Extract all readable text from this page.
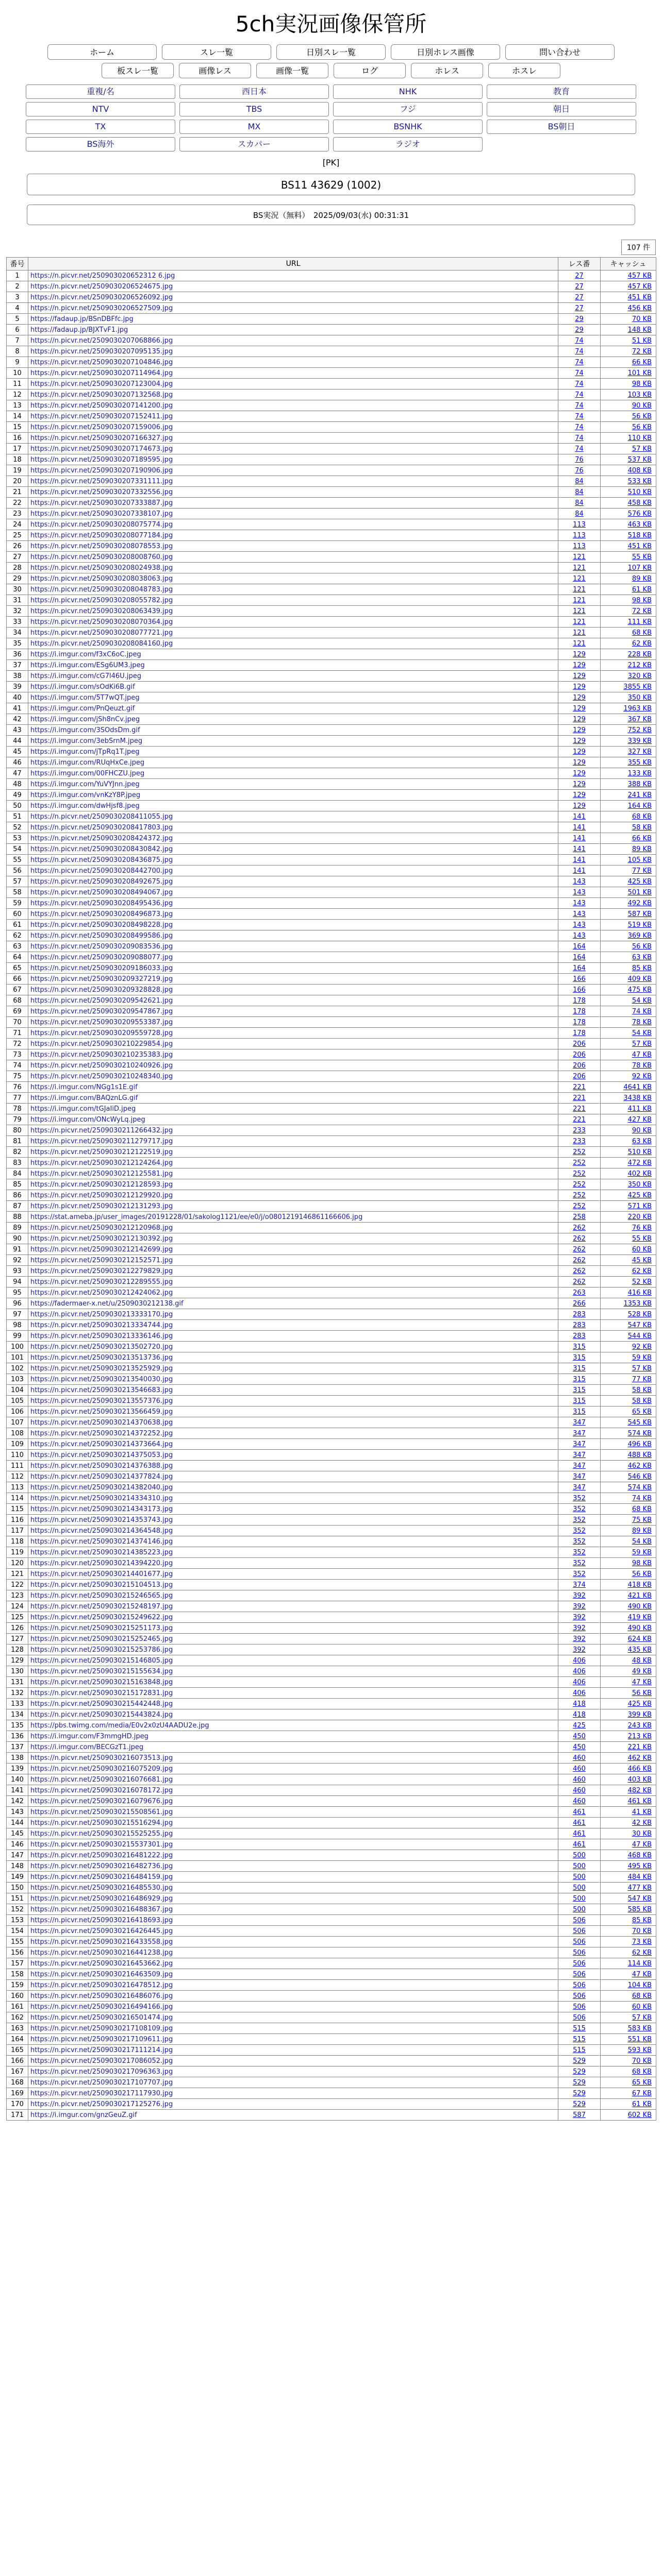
5ch実況画像保管所
ホーム	スレ一覧	日別スレ一覧	日別ホレス画像	問い合わせ
板スレ一覧	画像レス	画像一覧	ログ	ホレス	ホスレ
重複/名	西日本	NHK	教育
NTV	TBS	フジ	朝日
TX	MX	BSNHK	BS朝日
BS海外	スカパー	ラジオ
[PK]
BS11 43629 (1002)
BS実況（無料）　2025/09/03(水) 00:31:31
107 件
番号	URL	レス番	キャッシュ
1	https://n.picvr.net/250903020652312 6.jpg	27	457 KB
2	https://n.picvr.net/2509030206524675.jpg	27	457 KB
3	https://n.picvr.net/2509030206526092.jpg	27	451 KB
4	https://n.picvr.net/2509030206527509.jpg	27	456 KB
5	https://fadaup.jp/BSnDBFfc.jpg	29	70 KB
6	https://fadaup.jp/BJXTvF1.jpg	29	148 KB
7	https://n.picvr.net/2509030207068866.jpg	74	51 KB
8	https://n.picvr.net/2509030207095135.jpg	74	72 KB
9	https://n.picvr.net/2509030207104846.jpg	74	66 KB
10	https://n.picvr.net/2509030207114964.jpg	74	101 KB
11	https://n.picvr.net/2509030207123004.jpg	74	98 KB
12	https://n.picvr.net/2509030207132568.jpg	74	103 KB
13	https://n.picvr.net/2509030207141200.jpg	74	90 KB
14	https://n.picvr.net/2509030207152411.jpg	74	56 KB
15	https://n.picvr.net/2509030207159006.jpg	74	56 KB
16	https://n.picvr.net/2509030207166327.jpg	74	110 KB
17	https://n.picvr.net/2509030207174673.jpg	74	57 KB
18	https://n.picvr.net/2509030207189595.jpg	76	537 KB
19	https://n.picvr.net/2509030207190906.jpg	76	408 KB
20	https://n.picvr.net/2509030207331111.jpg	84	533 KB
21	https://n.picvr.net/2509030207332556.jpg	84	510 KB
22	https://n.picvr.net/2509030207333887.jpg	84	458 KB
23	https://n.picvr.net/2509030207338107.jpg	84	576 KB
24	https://n.picvr.net/2509030208075774.jpg	113	463 KB
25	https://n.picvr.net/2509030208077184.jpg	113	518 KB
26	https://n.picvr.net/2509030208078553.jpg	113	451 KB
27	https://n.picvr.net/2509030208008760.jpg	121	55 KB
28	https://n.picvr.net/2509030208024938.jpg	121	107 KB
29	https://n.picvr.net/2509030208038063.jpg	121	89 KB
30	https://n.picvr.net/2509030208048783.jpg	121	61 KB
31	https://n.picvr.net/2509030208055782.jpg	121	98 KB
32	https://n.picvr.net/2509030208063439.jpg	121	72 KB
33	https://n.picvr.net/2509030208070364.jpg	121	111 KB
34	https://n.picvr.net/2509030208077721.jpg	121	68 KB
35	https://n.picvr.net/2509030208084160.jpg	121	62 KB
36	https://i.imgur.com/f3xC6oC.jpeg	129	228 KB
37	https://i.imgur.com/ESg6UM3.jpeg	129	212 KB
38	https://i.imgur.com/cG7l46U.jpeg	129	320 KB
39	https://i.imgur.com/sOdKi6B.gif	129	3855 KB
40	https://i.imgur.com/5T7wQT.jpeg	129	350 KB
41	https://i.imgur.com/PnQeuzt.gif	129	1963 KB
42	https://i.imgur.com/jSh8nCv.jpeg	129	367 KB
43	https://i.imgur.com/3SOdsDm.gif	129	752 KB
44	https://i.imgur.com/3ebSrnM.jpeg	129	339 KB
45	https://i.imgur.com/jTpRq1T.jpeg	129	327 KB
46	https://i.imgur.com/RUqHxCe.jpeg	129	355 KB
47	https://i.imgur.com/00FHCZU.jpeg	129	133 KB
48	https://i.imgur.com/YuVYJnn.jpeg	129	388 KB
49	https://i.imgur.com/vnKzY8P.jpeg	129	241 KB
50	https://i.imgur.com/dwHjsf8.jpeg	129	164 KB
51	https://n.picvr.net/2509030208411055.jpg	141	68 KB
52	https://n.picvr.net/2509030208417803.jpg	141	58 KB
53	https://n.picvr.net/2509030208424372.jpg	141	66 KB
54	https://n.picvr.net/2509030208430842.jpg	141	89 KB
55	https://n.picvr.net/2509030208436875.jpg	141	105 KB
56	https://n.picvr.net/2509030208442700.jpg	141	77 KB
57	https://n.picvr.net/2509030208492675.jpg	143	425 KB
58	https://n.picvr.net/2509030208494067.jpg	143	501 KB
59	https://n.picvr.net/2509030208495436.jpg	143	492 KB
60	https://n.picvr.net/2509030208496873.jpg	143	587 KB
61	https://n.picvr.net/2509030208498228.jpg	143	519 KB
62	https://n.picvr.net/2509030208499586.jpg	143	369 KB
63	https://n.picvr.net/2509030209083536.jpg	164	56 KB
64	https://n.picvr.net/2509030209088077.jpg	164	63 KB
65	https://n.picvr.net/2509030209186033.jpg	164	85 KB
66	https://n.picvr.net/2509030209327219.jpg	166	409 KB
67	https://n.picvr.net/2509030209328828.jpg	166	475 KB
68	https://n.picvr.net/2509030209542621.jpg	178	54 KB
69	https://n.picvr.net/2509030209547867.jpg	178	74 KB
70	https://n.picvr.net/2509030209553387.jpg	178	78 KB
71	https://n.picvr.net/2509030209559728.jpg	178	54 KB
72	https://n.picvr.net/2509030210229854.jpg	206	57 KB
73	https://n.picvr.net/2509030210235383.jpg	206	47 KB
74	https://n.picvr.net/2509030210240926.jpg	206	78 KB
75	https://n.picvr.net/2509030210248340.jpg	206	92 KB
76	https://i.imgur.com/NGg1s1E.gif	221	4641 KB
77	https://i.imgur.com/BAQznLG.gif	221	3438 KB
78	https://i.imgur.com/tGJaIiD.jpeg	221	411 KB
79	https://i.imgur.com/ONcWyLq.jpeg	221	427 KB
80	https://n.picvr.net/2509030211266432.jpg	233	90 KB
81	https://n.picvr.net/2509030211279717.jpg	233	63 KB
82	https://n.picvr.net/2509030212122519.jpg	252	510 KB
83	https://n.picvr.net/2509030212124264.jpg	252	472 KB
84	https://n.picvr.net/2509030212125581.jpg	252	402 KB
85	https://n.picvr.net/2509030212128593.jpg	252	350 KB
86	https://n.picvr.net/2509030212129920.jpg	252	425 KB
87	https://n.picvr.net/2509030212131293.jpg	252	571 KB
88	https://stat.ameba.jp/user_images/20191228/01/sakolog1121/ee/e0/j/o0801219146861166606.jpg	258	220 KB
89	https://n.picvr.net/2509030212120968.jpg	262	76 KB
90	https://n.picvr.net/2509030212130392.jpg	262	55 KB
91	https://n.picvr.net/2509030212142699.jpg	262	60 KB
92	https://n.picvr.net/2509030212152571.jpg	262	45 KB
93	https://n.picvr.net/2509030212279829.jpg	262	62 KB
94	https://n.picvr.net/2509030212289555.jpg	262	52 KB
95	https://n.picvr.net/2509030212424062.jpg	263	416 KB
96	https://fadermaer-x.net/u/2509030212138.gif	266	1353 KB
97	https://n.picvr.net/2509030213333170.jpg	283	528 KB
98	https://n.picvr.net/2509030213334744.jpg	283	547 KB
99	https://n.picvr.net/2509030213336146.jpg	283	544 KB
100	https://n.picvr.net/2509030213502720.jpg	315	92 KB
101	https://n.picvr.net/2509030213513736.jpg	315	59 KB
102	https://n.picvr.net/2509030213525929.jpg	315	57 KB
103	https://n.picvr.net/2509030213540030.jpg	315	77 KB
104	https://n.picvr.net/2509030213546683.jpg	315	58 KB
105	https://n.picvr.net/2509030213557376.jpg	315	58 KB
106	https://n.picvr.net/2509030213566459.jpg	315	65 KB
107	https://n.picvr.net/2509030214370638.jpg	347	545 KB
108	https://n.picvr.net/2509030214372252.jpg	347	574 KB
109	https://n.picvr.net/2509030214373664.jpg	347	496 KB
110	https://n.picvr.net/2509030214375053.jpg	347	488 KB
111	https://n.picvr.net/2509030214376388.jpg	347	462 KB
112	https://n.picvr.net/2509030214377824.jpg	347	546 KB
113	https://n.picvr.net/2509030214382040.jpg	347	574 KB
114	https://n.picvr.net/2509030214334310.jpg	352	74 KB
115	https://n.picvr.net/2509030214343173.jpg	352	68 KB
116	https://n.picvr.net/2509030214353743.jpg	352	75 KB
117	https://n.picvr.net/2509030214364548.jpg	352	89 KB
118	https://n.picvr.net/2509030214374146.jpg	352	54 KB
119	https://n.picvr.net/2509030214385223.jpg	352	59 KB
120	https://n.picvr.net/2509030214394220.jpg	352	98 KB
121	https://n.picvr.net/2509030214401677.jpg	352	56 KB
122	https://n.picvr.net/2509030215104513.jpg	374	418 KB
123	https://n.picvr.net/2509030215246565.jpg	392	421 KB
124	https://n.picvr.net/2509030215248197.jpg	392	490 KB
125	https://n.picvr.net/2509030215249622.jpg	392	419 KB
126	https://n.picvr.net/2509030215251173.jpg	392	490 KB
127	https://n.picvr.net/2509030215252465.jpg	392	624 KB
128	https://n.picvr.net/2509030215253786.jpg	392	435 KB
129	https://n.picvr.net/2509030215146805.jpg	406	48 KB
130	https://n.picvr.net/2509030215155634.jpg	406	49 KB
131	https://n.picvr.net/2509030215163848.jpg	406	47 KB
132	https://n.picvr.net/2509030215172831.jpg	406	56 KB
133	https://n.picvr.net/2509030215442448.jpg	418	425 KB
134	https://n.picvr.net/2509030215443824.jpg	418	399 KB
135	https://pbs.twimg.com/media/E0v2x0zU4AADU2e.jpg	425	243 KB
136	https://i.imgur.com/F3mmgHD.jpeg	450	213 KB
137	https://i.imgur.com/BECGzT1.jpeg	450	221 KB
138	https://n.picvr.net/2509030216073513.jpg	460	462 KB
139	https://n.picvr.net/2509030216075209.jpg	460	466 KB
140	https://n.picvr.net/2509030216076681.jpg	460	403 KB
141	https://n.picvr.net/2509030216078172.jpg	460	482 KB
142	https://n.picvr.net/2509030216079676.jpg	460	461 KB
143	https://n.picvr.net/2509030215508561.jpg	461	41 KB
144	https://n.picvr.net/2509030215516294.jpg	461	42 KB
145	https://n.picvr.net/2509030215525255.jpg	461	30 KB
146	https://n.picvr.net/2509030215537301.jpg	461	47 KB
147	https://n.picvr.net/2509030216481222.jpg	500	468 KB
148	https://n.picvr.net/2509030216482736.jpg	500	495 KB
149	https://n.picvr.net/2509030216484159.jpg	500	484 KB
150	https://n.picvr.net/2509030216485530.jpg	500	477 KB
151	https://n.picvr.net/2509030216486929.jpg	500	547 KB
152	https://n.picvr.net/2509030216488367.jpg	500	585 KB
153	https://n.picvr.net/2509030216418693.jpg	506	85 KB
154	https://n.picvr.net/2509030216426445.jpg	506	70 KB
155	https://n.picvr.net/2509030216433558.jpg	506	73 KB
156	https://n.picvr.net/2509030216441238.jpg	506	62 KB
157	https://n.picvr.net/2509030216453662.jpg	506	114 KB
158	https://n.picvr.net/2509030216463509.jpg	506	47 KB
159	https://n.picvr.net/2509030216478512.jpg	506	104 KB
160	https://n.picvr.net/2509030216486076.jpg	506	68 KB
161	https://n.picvr.net/2509030216494166.jpg	506	60 KB
162	https://n.picvr.net/2509030216501474.jpg	506	57 KB
163	https://n.picvr.net/2509030217108109.jpg	515	583 KB
164	https://n.picvr.net/2509030217109611.jpg	515	551 KB
165	https://n.picvr.net/2509030217111214.jpg	515	593 KB
166	https://n.picvr.net/2509030217086052.jpg	529	70 KB
167	https://n.picvr.net/2509030217096363.jpg	529	68 KB
168	https://n.picvr.net/2509030217107707.jpg	529	65 KB
169	https://n.picvr.net/2509030217117930.jpg	529	67 KB
170	https://n.picvr.net/2509030217125276.jpg	529	61 KB
171	https://i.imgur.com/gnzGeuZ.gif	587	602 KB
